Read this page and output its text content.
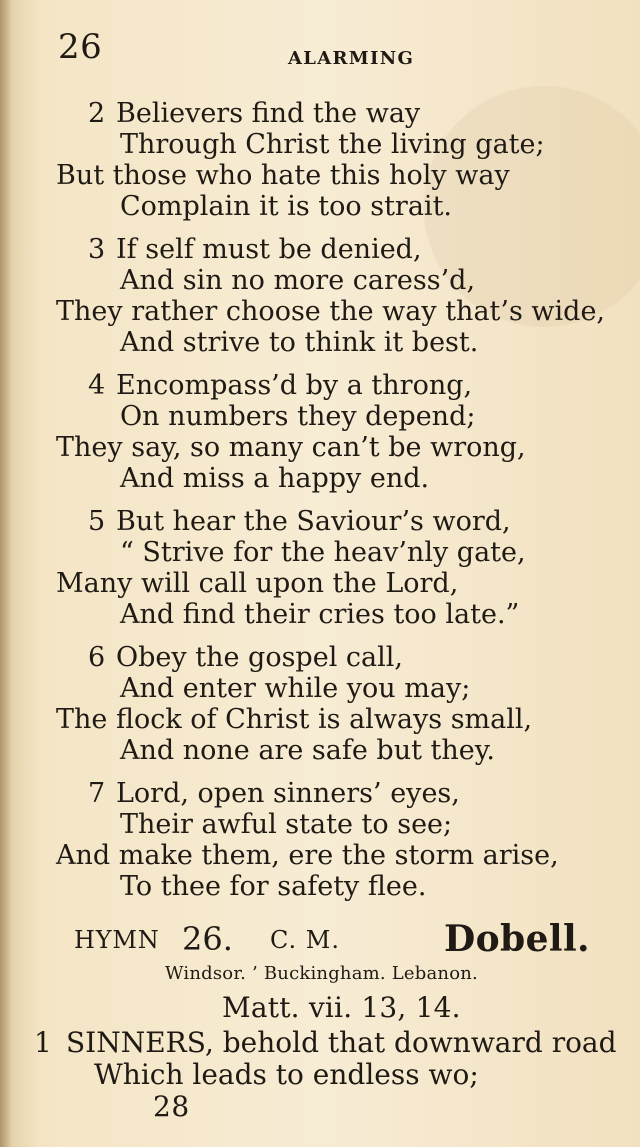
26	ALARMING
2 Believers find the way
Through Christ the living gate;
But those who hate this holy way
Complain it is too strait.
3 If self must be denied,
And sin no more caress’d,
They rather choose the way that’s wide,
And strive to think it best.
4 Encompass’d by a throng,
On numbers they depend;
They say, so many can’t be wrong,
And miss a happy end.
5 But hear the Saviour’s word,
“ Strive for the heav’nly gate,
Many will call upon the Lord,
And find their cries too late.”
6 Obey the gospel call,
And enter while you may;
The flock of Christ is always small,
And none are safe but they.
7 Lord, open sinners’ eyes,
Their awful state to see;
And make them, ere the storm arise,
To thee for safety flee.
HYMN 26. C. M.	Dobell.
Windsor. ’ Buckingham. Lebanon.
Matt. vii. 13, 14.
1 SINNERS, behold that downward road
Which leads to endless wo;
28
